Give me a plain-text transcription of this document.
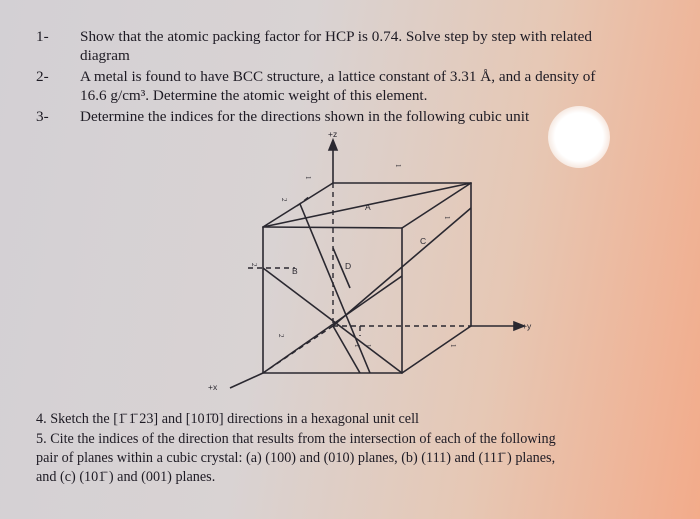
1- Show that the atomic packing factor for HCP is 0.74. Solve step by step with related
diagram
2- A metal is found to have BCC structure, a lattice constant of 3.31 Å, and a density of
16.6 g/cm³. Determine the atomic weight of this element.
3- Determine the indices for the directions shown in the following cubic unit
+z
+y
+x
A
B
C
D
2
1
1
1
2
2
1 1	1
4. Sketch the [1̄ 1̄ 23] and [101̄0] directions in a hexagonal unit cell
5. Cite the indices of the direction that results from the intersection of each of the following
pair of planes within a cubic crystal: (a) (100) and (010) planes, (b) (111) and (111̄ ) planes,
and (c) (101̄ ) and (001) planes.
